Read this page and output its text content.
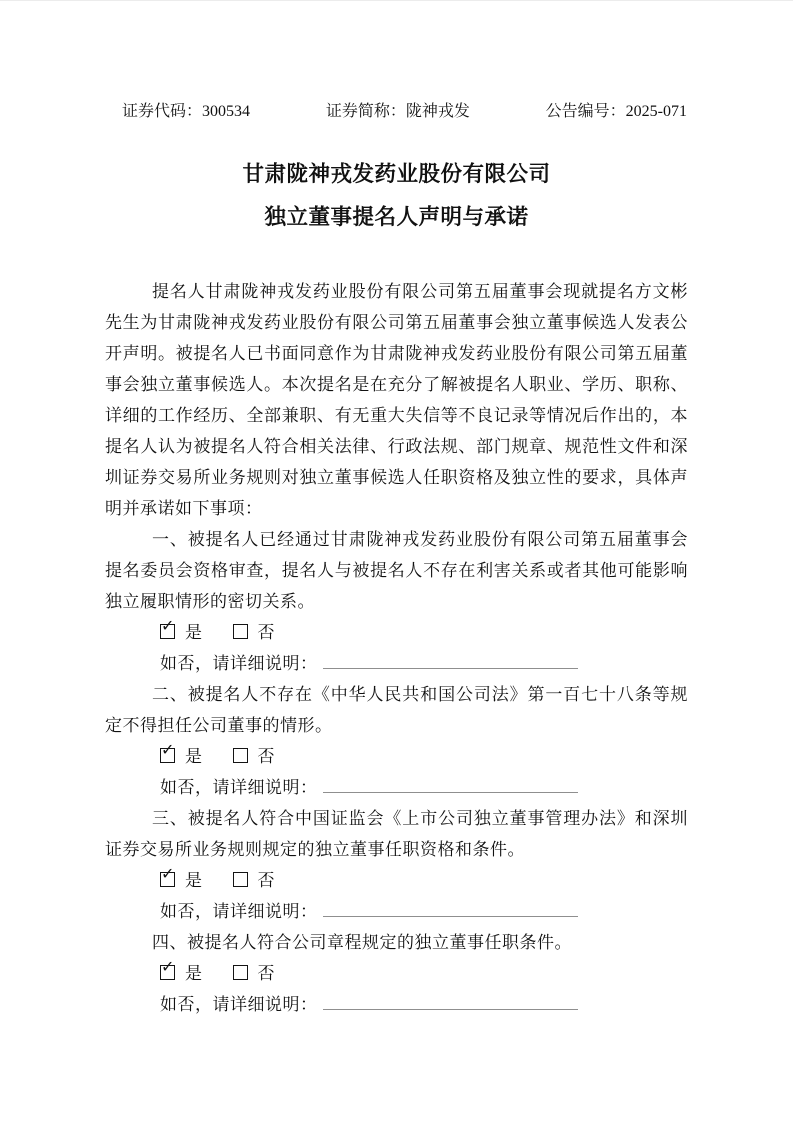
证券代码：300534	证券简称：陇神戎发	公告编号：2025-071
甘肃陇神戎发药业股份有限公司
独立董事提名人声明与承诺

提名人甘肃陇神戎发药业股份有限公司第五届董事会现就提名方文彬先生为甘肃陇神戎发药业股份有限公司第五届董事会独立董事候选人发表公开声明。被提名人已书面同意作为甘肃陇神戎发药业股份有限公司第五届董事会独立董事候选人。本次提名是在充分了解被提名人职业、学历、职称、详细的工作经历、全部兼职、有无重大失信等不良记录等情况后作出的，本提名人认为被提名人符合相关法律、行政法规、部门规章、规范性文件和深圳证券交易所业务规则对独立董事候选人任职资格及独立性的要求，具体声明并承诺如下事项：

一、被提名人已经通过甘肃陇神戎发药业股份有限公司第五届董事会提名委员会资格审查，提名人与被提名人不存在利害关系或者其他可能影响独立履职情形的密切关系。

✓ 是	否
如否，请详细说明：

二、被提名人不存在《中华人民共和国公司法》第一百七十八条等规定不得担任公司董事的情形。

✓ 是	否
如否，请详细说明：

三、被提名人符合中国证监会《上市公司独立董事管理办法》和深圳证券交易所业务规则规定的独立董事任职资格和条件。

✓ 是	否
如否，请详细说明：

四、被提名人符合公司章程规定的独立董事任职条件。

✓ 是	否
如否，请详细说明：
